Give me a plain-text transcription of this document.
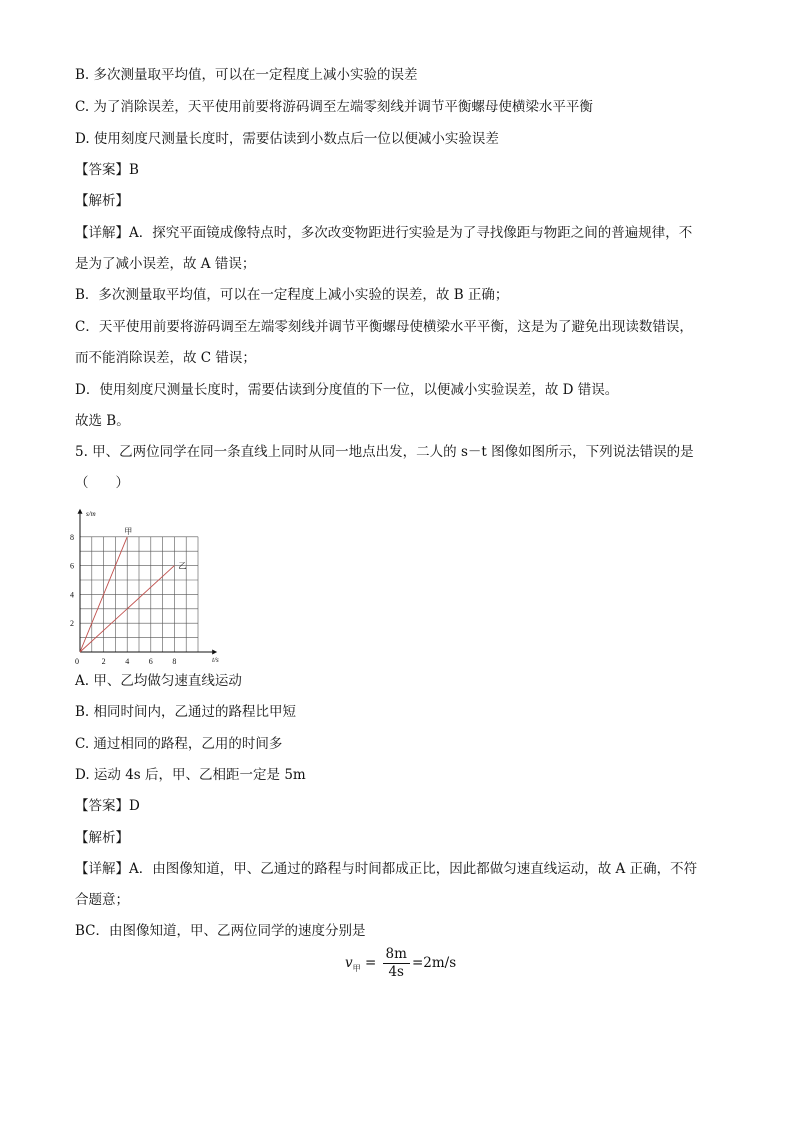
B. 多次测量取平均值，可以在一定程度上减小实验的误差
C. 为了消除误差，天平使用前要将游码调至左端零刻线并调节平衡螺母使横梁水平平衡
D. 使用刻度尺测量长度时，需要估读到小数点后一位以便减小实验误差
【答案】B
【解析】
【详解】A．探究平面镜成像特点时，多次改变物距进行实验是为了寻找像距与物距之间的普遍规律，不
是为了减小误差，故 A 错误；
B．多次测量取平均值，可以在一定程度上减小实验的误差，故 B 正确；
C．天平使用前要将游码调至左端零刻线并调节平衡螺母使横梁水平平衡，这是为了避免出现读数错误，
而不能消除误差，故 C 错误；
D．使用刻度尺测量长度时，需要估读到分度值的下一位，以便减小实验误差，故 D 错误。
故选 B。
5. 甲、乙两位同学在同一条直线上同时从同一地点出发，二人的 s－t 图像如图所示，下列说法错误的是
（　　）
0	2 4 6 8
2
4
6
8
t/s
s/m
甲
乙
A. 甲、乙均做匀速直线运动
B. 相同时间内，乙通过的路程比甲短
C. 通过相同的路程，乙用的时间多
D. 运动 4s 后，甲、乙相距一定是 5m
【答案】D
【解析】
【详解】A．由图像知道，甲、乙通过的路程与时间都成正比，因此都做匀速直线运动，故 A 正确，不符
合题意；
BC．由图像知道，甲、乙两位同学的速度分别是
$v_甲 = \frac{8m}{4s} =2m/s$
